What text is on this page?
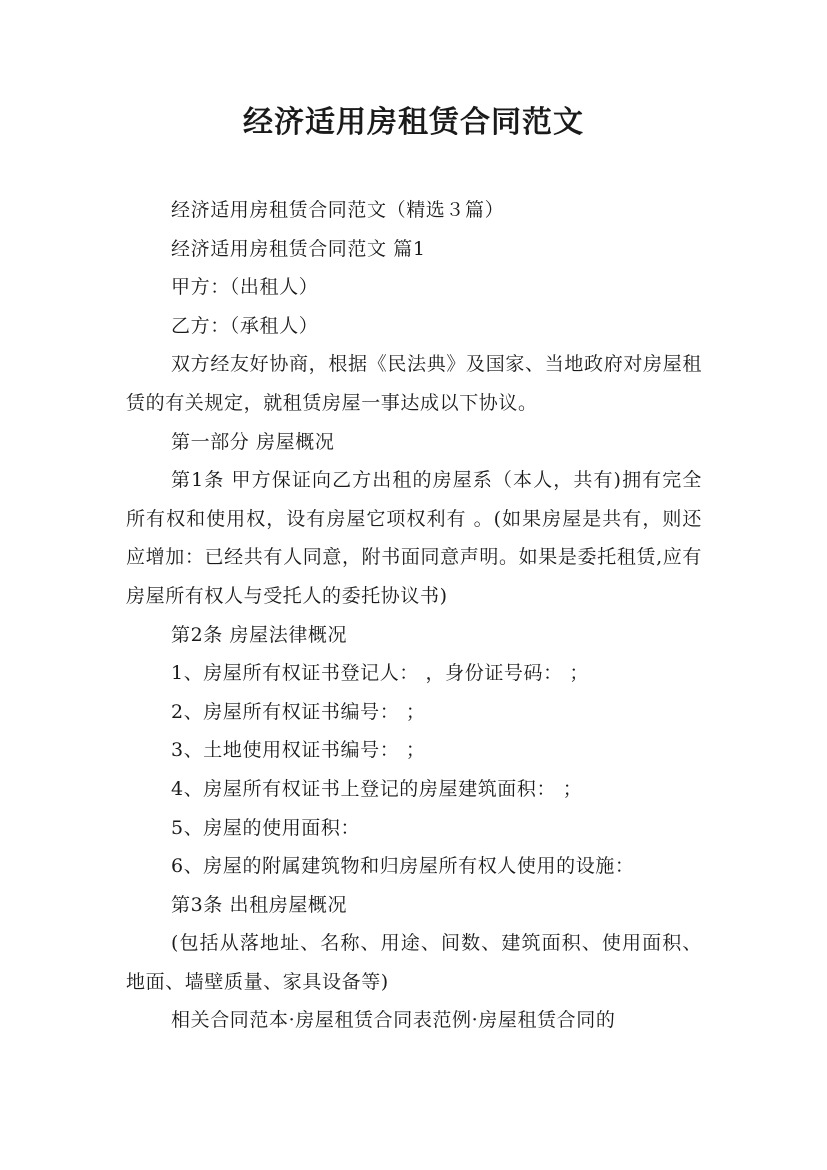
经济适用房租赁合同范文

经济适用房租赁合同范文（精选３篇）

经济适用房租赁合同范文 篇1

甲方：（出租人）

乙方：（承租人）

双方经友好协商，根据《民法典》及国家、当地政府对房屋租赁的有关规定，就租赁房屋一事达成以下协议。

第一部分 房屋概况

第1条 甲方保证向乙方出租的房屋系（本人，共有)拥有完全所有权和使用权，设有房屋它项权利有 。(如果房屋是共有，则还应增加：已经共有人同意，附书面同意声明。如果是委托租赁,应有房屋所有权人与受托人的委托协议书)

第2条 房屋法律概况

1、房屋所有权证书登记人： ，身份证号码： ；

2、房屋所有权证书编号： ；

3、土地使用权证书编号： ；

4、房屋所有权证书上登记的房屋建筑面积： ；

5、房屋的使用面积：

6、房屋的附属建筑物和归房屋所有权人使用的设施：

第3条 出租房屋概况

(包括从落地址、名称、用途、间数、建筑面积、使用面积、地面、墙壁质量、家具设备等)

相关合同范本·房屋租赁合同表范例·房屋租赁合同的
